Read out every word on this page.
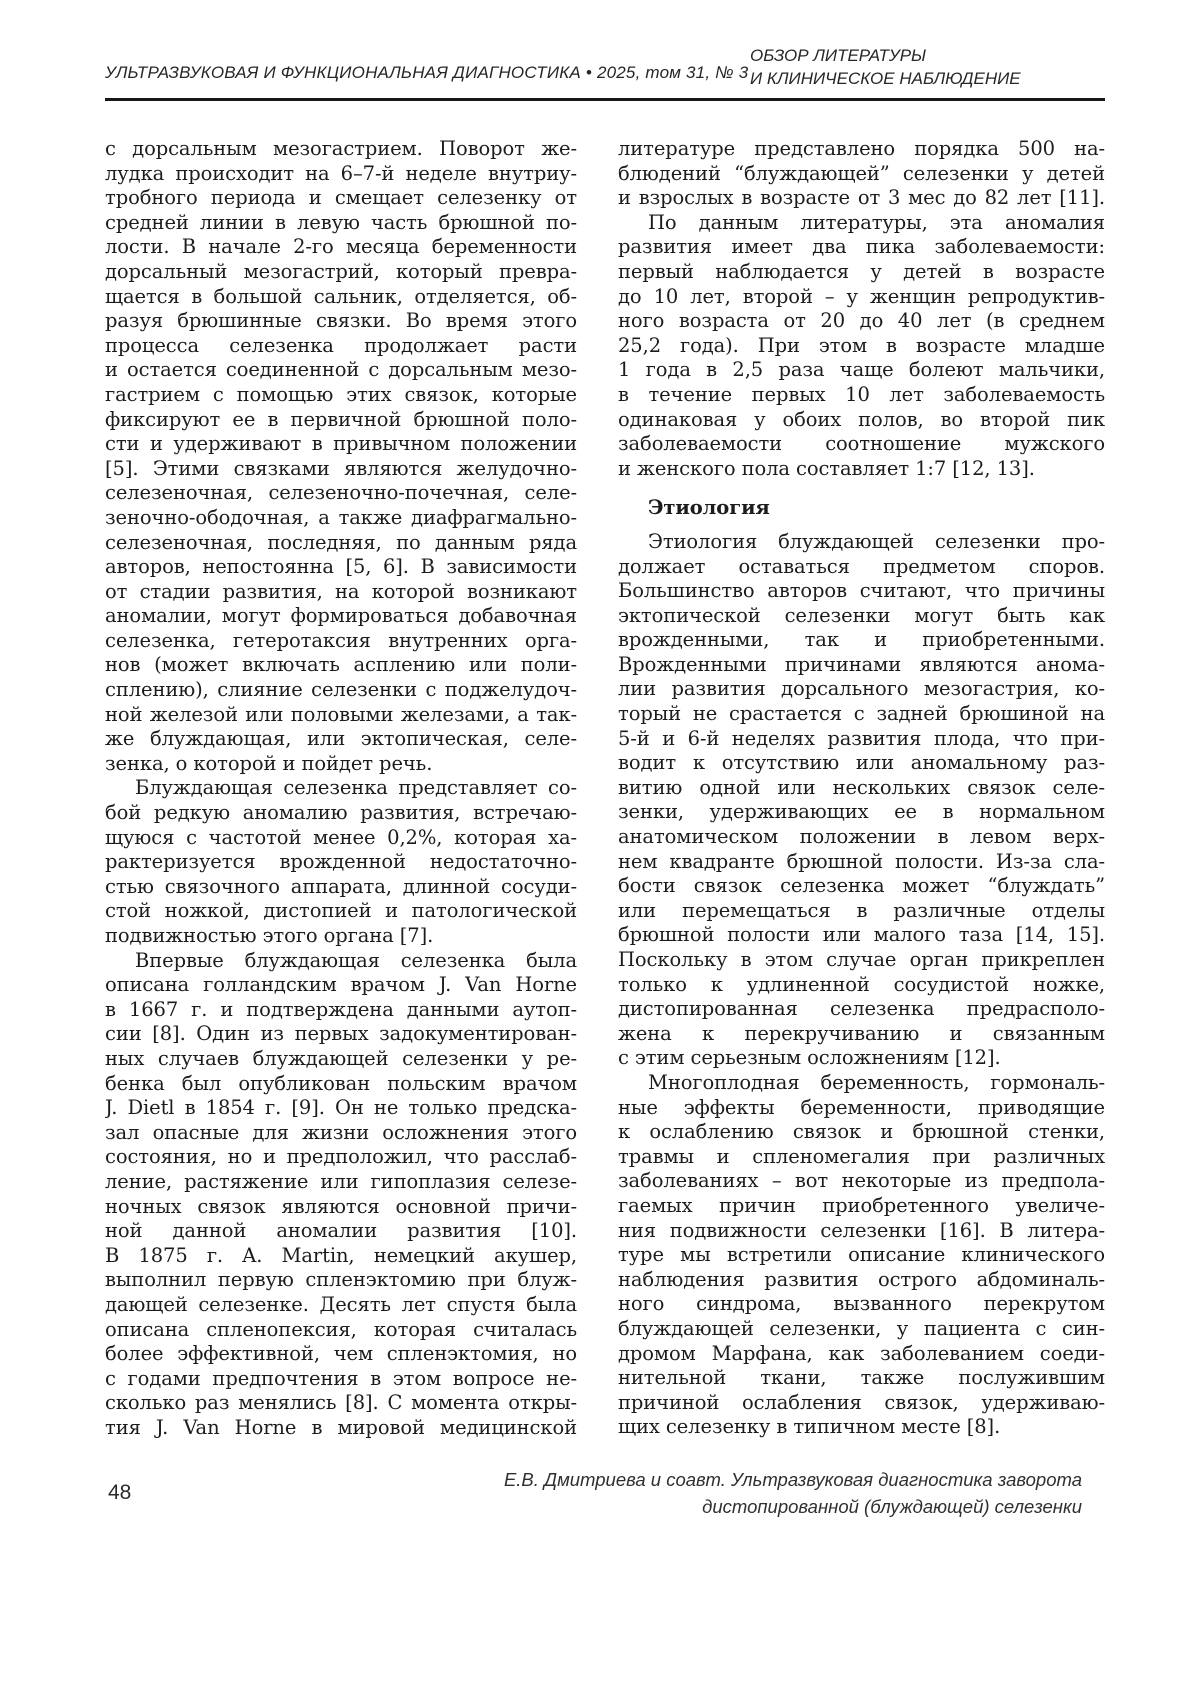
УЛЬТРАЗВУКОВАЯ И ФУНКЦИОНАЛЬНАЯ ДИАГНОСТИКА • 2025, том 31, № 3
ОБЗОР ЛИТЕРАТУРЫ
И КЛИНИЧЕСКОЕ НАБЛЮДЕНИЕ
с дорсальным мезогастрием. Поворот же-
лудка происходит на 6–7-й неделе внутриу-
тробного периода и смещает селезенку от
средней линии в левую часть брюшной по-
лости. В начале 2-го месяца беременности
дорсальный мезогастрий, который превра-
щается в большой сальник, отделяется, об-
разуя брюшинные связки. Во время этого
процесса селезенка продолжает расти
и остается соединенной с дорсальным мезо-
гастрием с помощью этих связок, которые
фиксируют ее в первичной брюшной поло-
сти и удерживают в привычном положении
[5]. Этими связками являются желудочно-
селезеночная, селезеночно-почечная, селе-
зеночно-ободочная, а также диафрагмально-
селезеночная, последняя, по данным ряда
авторов, непостоянна [5, 6]. В зависимости
от стадии развития, на которой возникают
аномалии, могут формироваться добавочная
селезенка, гетеротаксия внутренних орга-
нов (может включать асплению или поли-
сплению), слияние селезенки с поджелудоч-
ной железой или половыми железами, а так-
же блуждающая, или эктопическая, селе-
зенка, о которой и пойдет речь.
Блуждающая селезенка представляет со-
бой редкую аномалию развития, встречаю-
щуюся с частотой менее 0,2%, которая ха-
рактеризуется врожденной недостаточно-
стью связочного аппарата, длинной сосуди-
стой ножкой, дистопией и патологической
подвижностью этого органа [7].
Впервые блуждающая селезенка была
описана голландским врачом J. Van Horne
в 1667 г. и подтверждена данными аутоп-
сии [8]. Один из первых задокументирован-
ных случаев блуждающей селезенки у ре-
бенка был опубликован польским врачом
J. Dietl в 1854 г. [9]. Он не только предска-
зал опасные для жизни осложнения этого
состояния, но и предположил, что расслаб-
ление, растяжение или гипоплазия селезе-
ночных связок являются основной причи-
ной данной аномалии развития [10].
В 1875 г. A. Martin, немецкий акушер,
выполнил первую спленэктомию при блуж-
дающей селезенке. Десять лет спустя была
описана спленопексия, которая считалась
более эффективной, чем спленэктомия, но
с годами предпочтения в этом вопросе не-
сколько раз менялись [8]. С момента откры-
тия J. Van Horne в мировой медицинской
литературе представлено порядка 500 на-
блюдений “блуждающей” селезенки у детей
и взрослых в возрасте от 3 мес до 82 лет [11].
По данным литературы, эта аномалия
развития имеет два пика заболеваемости:
первый наблюдается у детей в возрасте
до 10 лет, второй – у женщин репродуктив-
ного возраста от 20 до 40 лет (в среднем
25,2 года). При этом в возрасте младше
1 года в 2,5 раза чаще болеют мальчики,
в течение первых 10 лет заболеваемость
одинаковая у обоих полов, во второй пик
заболеваемости соотношение мужского
и женского пола составляет 1:7 [12, 13].
Этиология
Этиология блуждающей селезенки про-
должает оставаться предметом споров.
Большинство авторов считают, что причины
эктопической селезенки могут быть как
врожденными, так и приобретенными.
Врожденными причинами являются анома-
лии развития дорсального мезогастрия, ко-
торый не срастается с задней брюшиной на
5-й и 6-й неделях развития плода, что при-
водит к отсутствию или аномальному раз-
витию одной или нескольких связок селе-
зенки, удерживающих ее в нормальном
анатомическом положении в левом верх-
нем квадранте брюшной полости. Из-за сла-
бости связок селезенка может “блуждать”
или перемещаться в различные отделы
брюшной полости или малого таза [14, 15].
Поскольку в этом случае орган прикреплен
только к удлиненной сосудистой ножке,
дистопированная селезенка предрасполо-
жена к перекручиванию и связанным
с этим серьезным осложнениям [12].
Многоплодная беременность, гормональ-
ные эффекты беременности, приводящие
к ослаблению связок и брюшной стенки,
травмы и спленомегалия при различных
заболеваниях – вот некоторые из предпола-
гаемых причин приобретенного увеличе-
ния подвижности селезенки [16]. В литера-
туре мы встретили описание клинического
наблюдения развития острого абдоминаль-
ного синдрома, вызванного перекрутом
блуждающей селезенки, у пациента с син-
дромом Марфана, как заболеванием соеди-
нительной ткани, также послужившим
причиной ослабления связок, удерживаю-
щих селезенку в типичном месте [8].
48
Е.В. Дмитриева и соавт. Ультразвуковая диагностика заворота
дистопированной (блуждающей) селезенки
